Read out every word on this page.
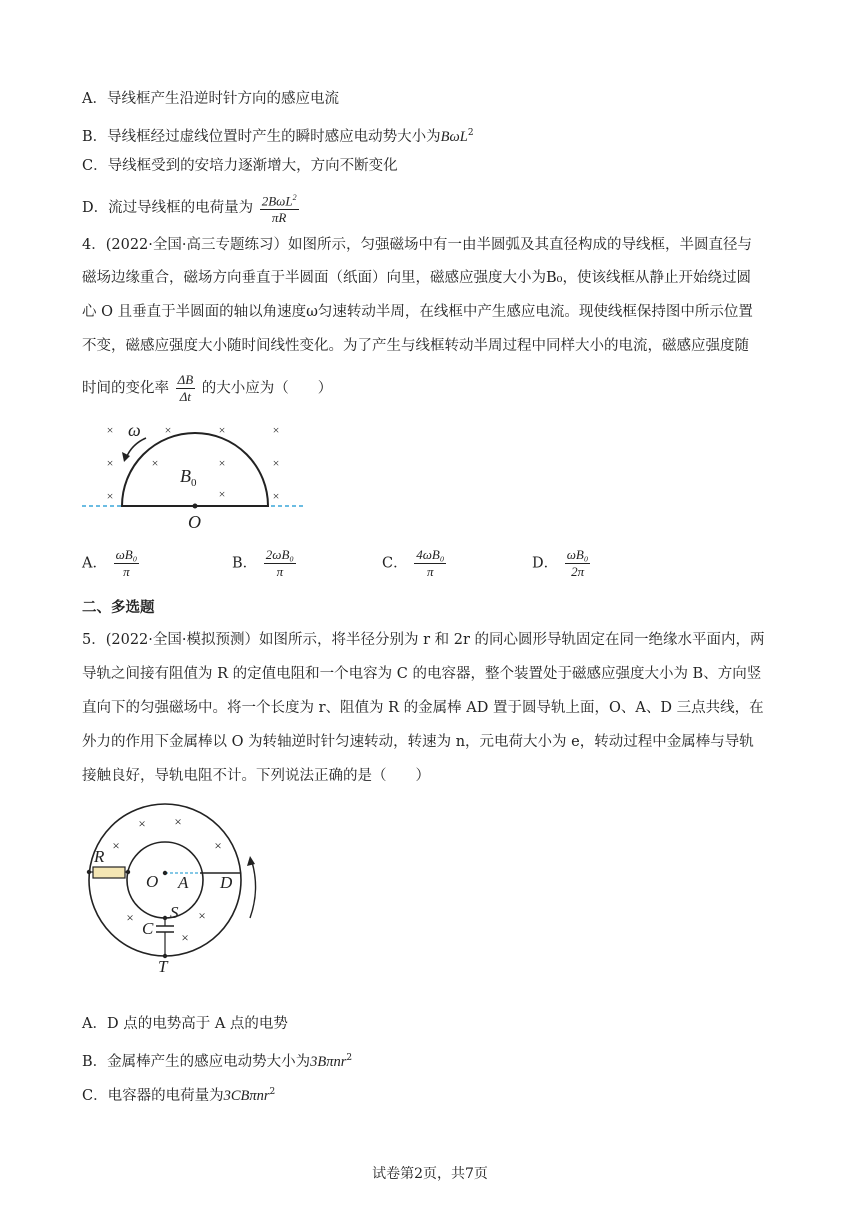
A．导线框产生沿逆时针方向的感应电流
B．导线框经过虚线位置时产生的瞬时感应电动势大小为BωL$^2$
C．导线框受到的安培力逐渐增大，方向不断变化
D．流过导线框的电荷量为 $\frac{2B\omega L^2}{\pi R}$
4．(2022·全国·高三专题练习）如图所示，匀强磁场中有一由半圆弧及其直径构成的导线框，半圆直径与
磁场边缘重合，磁场方向垂直于半圆面（纸面）向里，磁感应强度大小为B₀，使该线框从静止开始绕过圆
心 O 且垂直于半圆面的轴以角速度ω匀速转动半周，在线框中产生感应电流。现使线框保持图中所示位置
不变，磁感应强度大小随时间线性变化。为了产生与线框转动半周过程中同样大小的电流，磁感应强度随
时间的变化率 $\frac{\Delta B}{\Delta t}$ 的大小应为（　　）
×	×	×	×
×	×	×	×
×	×	×
ω
$B_0$
O
A． $\frac{\text{ωB₀}}{\pi}$	B． $\frac{\text{2ωB₀}}{\pi}$	C． $\frac{\text{4ωB₀}}{\pi}$	D． $\frac{\text{ωB₀}}{2\pi}$
二、多选题
5．(2022·全国·模拟预测）如图所示，将半径分别为 r 和 2r 的同心圆形导轨固定在同一绝缘水平面内，两
导轨之间接有阻值为 R 的定值电阻和一个电容为 C 的电容器，整个装置处于磁感应强度大小为 B、方向竖
直向下的匀强磁场中。将一个长度为 r、阻值为 R 的金属棒 AD 置于圆导轨上面，O、A、D 三点共线，在
外力的作用下金属棒以 O 为转轴逆时针匀速转动，转速为 n，元电荷大小为 e，转动过程中金属棒与导轨
接触良好，导轨电阻不计。下列说法正确的是（　　）
× ×
×	×
×	×
×
R
O A D
S
C
T
A．D 点的电势高于 A 点的电势
B．金属棒产生的感应电动势大小为3Bπnr$^2$
C．电容器的电荷量为3CBπnr$^2$
试卷第2页，共7页
